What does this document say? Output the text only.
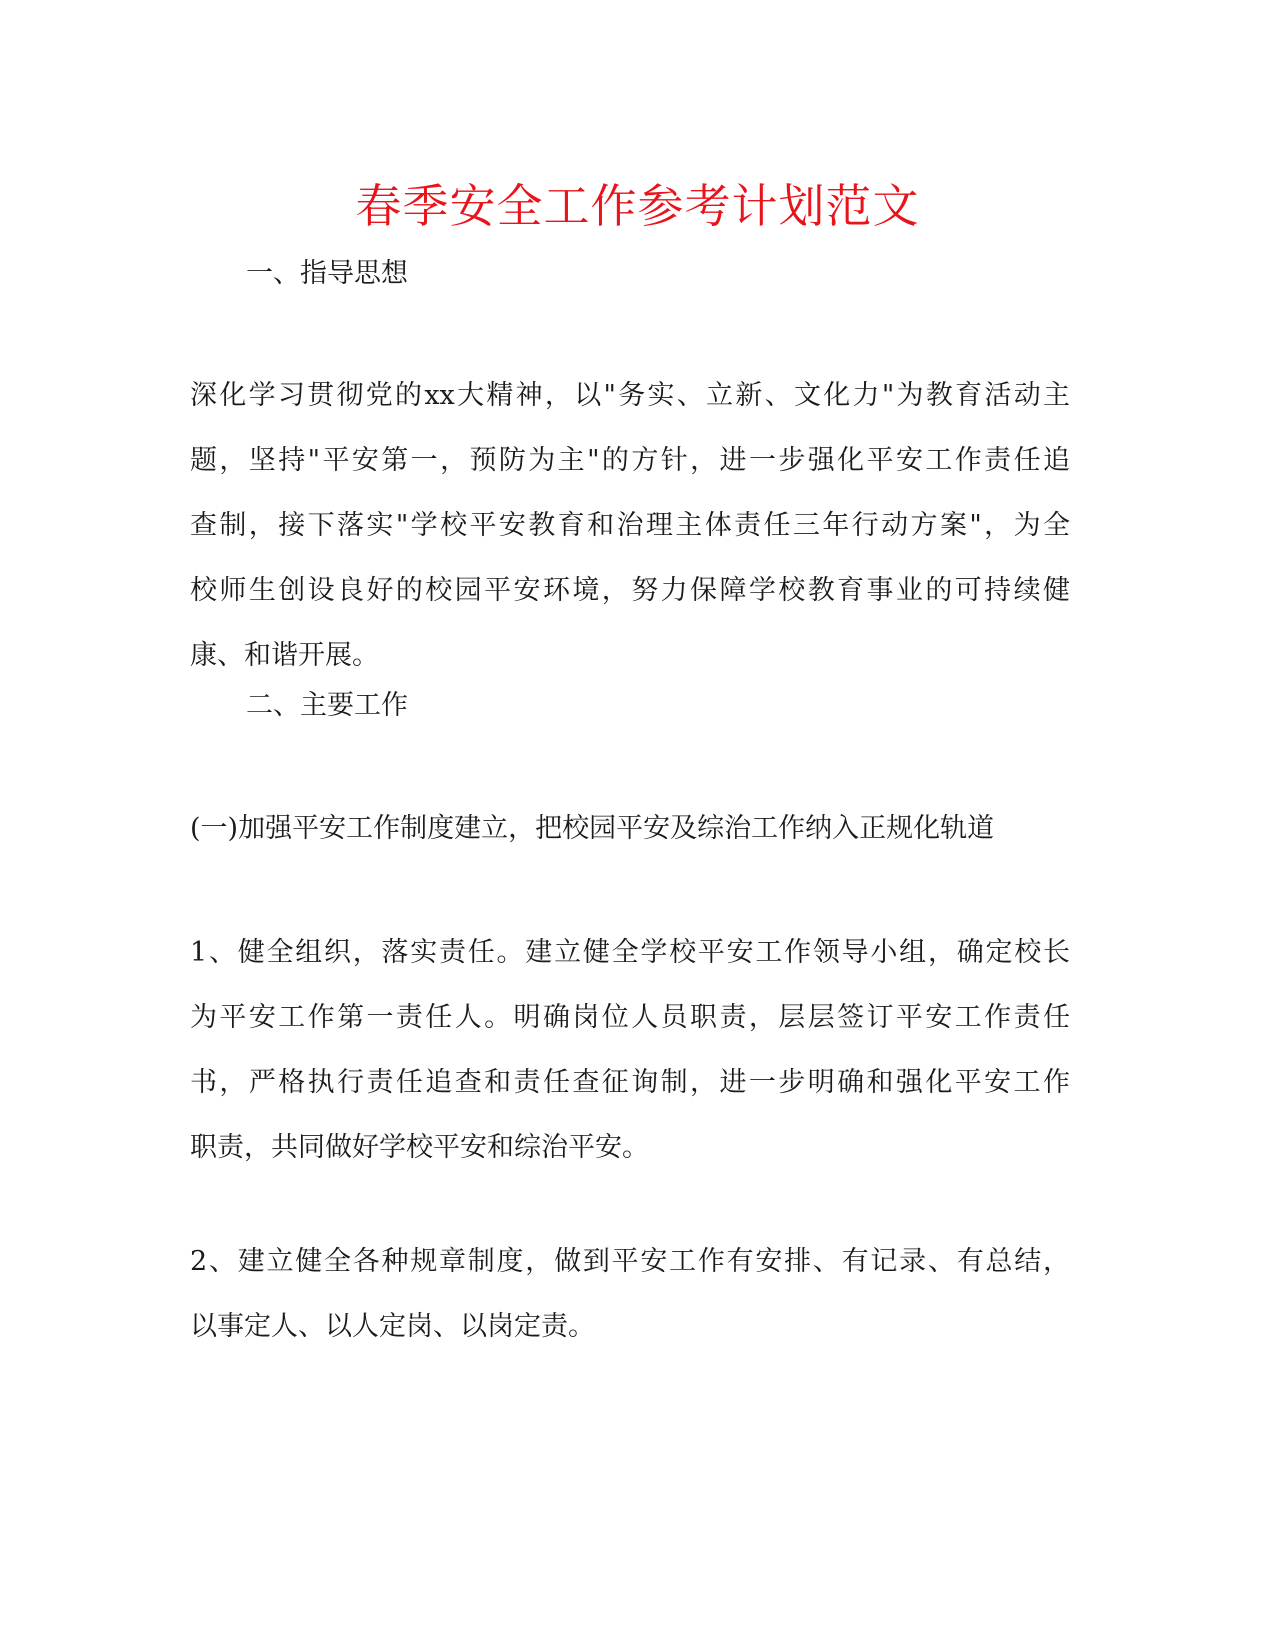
春季安全工作参考计划范文
一、指导思想
深化学习贯彻党的xx大精神，以"务实、立新、文化力"为教育活动主
题，坚持"平安第一，预防为主"的方针，进一步强化平安工作责任追
查制，接下落实"学校平安教育和治理主体责任三年行动方案"，为全
校师生创设良好的校园平安环境，努力保障学校教育事业的可持续健
康、和谐开展。
二、主要工作
(一)加强平安工作制度建立，把校园平安及综治工作纳入正规化轨道
1、健全组织，落实责任。建立健全学校平安工作领导小组，确定校长
为平安工作第一责任人。明确岗位人员职责，层层签订平安工作责任
书，严格执行责任追查和责任查征询制，进一步明确和强化平安工作
职责，共同做好学校平安和综治平安。
2、建立健全各种规章制度，做到平安工作有安排、有记录、有总结，
以事定人、以人定岗、以岗定责。
